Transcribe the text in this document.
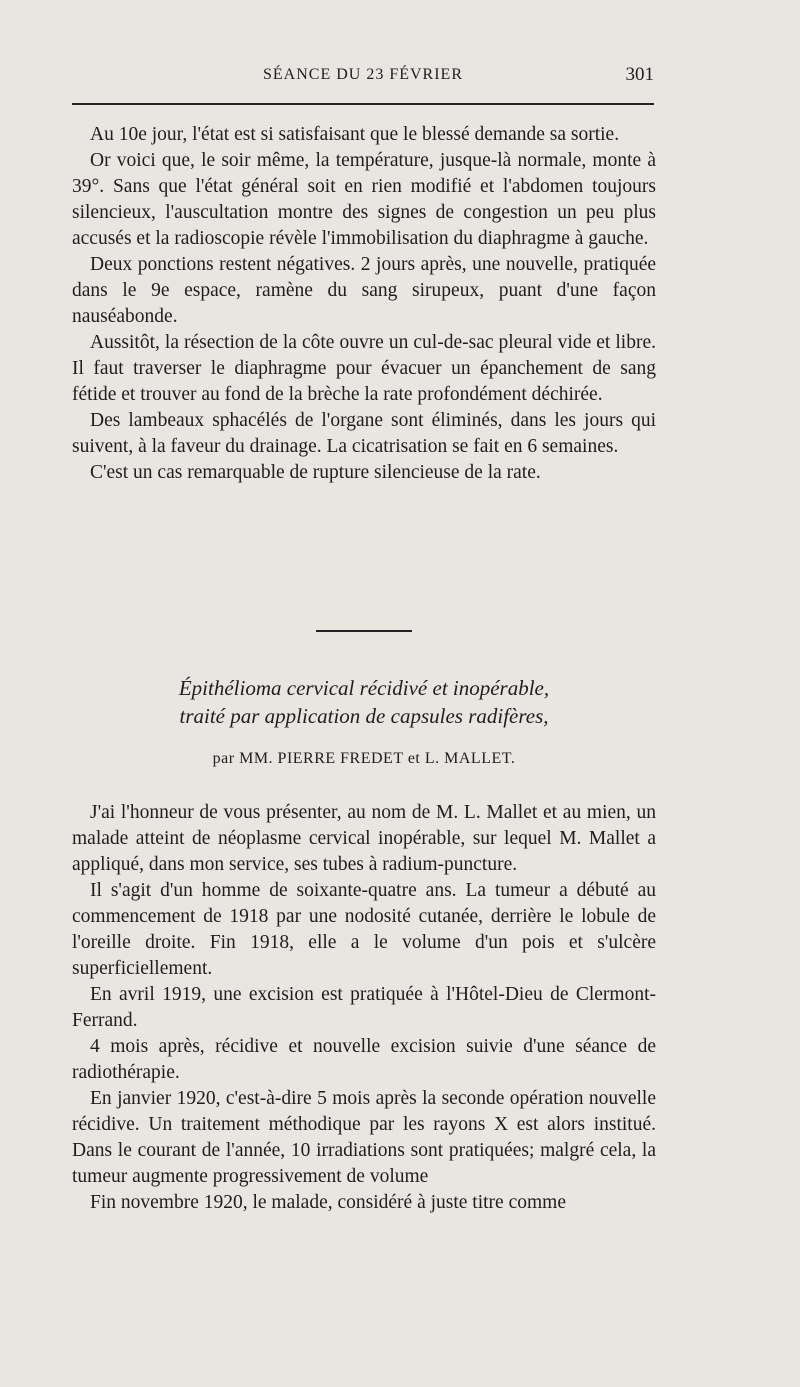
SÉANCE DU 23 FÉVRIER	301

Au 10e jour, l'état est si satisfaisant que le blessé demande sa sortie.

Or voici que, le soir même, la température, jusque-là normale, monte à 39°. Sans que l'état général soit en rien modifié et l'abdomen toujours silencieux, l'auscultation montre des signes de congestion un peu plus accusés et la radioscopie révèle l'immobilisation du diaphragme à gauche.

Deux ponctions restent négatives. 2 jours après, une nouvelle, pratiquée dans le 9e espace, ramène du sang sirupeux, puant d'une façon nauséabonde.

Aussitôt, la résection de la côte ouvre un cul-de-sac pleural vide et libre. Il faut traverser le diaphragme pour évacuer un épanchement de sang fétide et trouver au fond de la brèche la rate profondément déchirée.

Des lambeaux sphacélés de l'organe sont éliminés, dans les jours qui suivent, à la faveur du drainage. La cicatrisation se fait en 6 semaines.

C'est un cas remarquable de rupture silencieuse de la rate.

Épithélioma cervical récidivé et inopérable,
traité par application de capsules radifères,
par MM. PIERRE FREDET et L. MALLET.

J'ai l'honneur de vous présenter, au nom de M. L. Mallet et au mien, un malade atteint de néoplasme cervical inopérable, sur lequel M. Mallet a appliqué, dans mon service, ses tubes à radium-puncture.

Il s'agit d'un homme de soixante-quatre ans. La tumeur a débuté au commencement de 1918 par une nodosité cutanée, derrière le lobule de l'oreille droite. Fin 1918, elle a le volume d'un pois et s'ulcère superficiellement.

En avril 1919, une excision est pratiquée à l'Hôtel-Dieu de Clermont-Ferrand.

4 mois après, récidive et nouvelle excision suivie d'une séance de radiothérapie.

En janvier 1920, c'est-à-dire 5 mois après la seconde opération nouvelle récidive. Un traitement méthodique par les rayons X est alors institué. Dans le courant de l'année, 10 irradiations sont pratiquées; malgré cela, la tumeur augmente progressivement de volume

Fin novembre 1920, le malade, considéré à juste titre comme
